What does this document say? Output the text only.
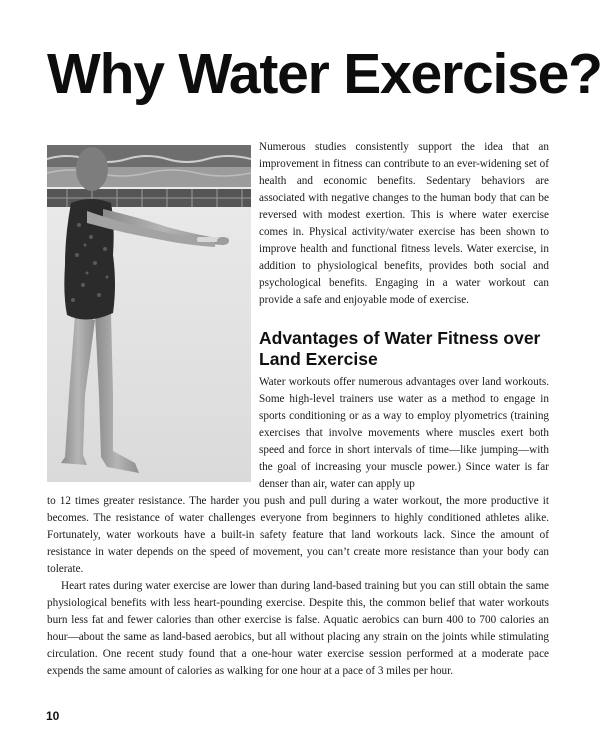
Why Water Exercise?

Numerous studies consistently support the idea that an improvement in fitness can contribute to an ever-widening set of health and economic benefits. Sedentary behaviors are associated with negative changes to the human body that can be reversed with modest exertion. This is where water exercise comes in. Physical activity/water exercise has been shown to improve health and functional fitness levels. Water exercise, in addition to physiological benefits, provides both social and psychological benefits. Engaging in a water workout can provide a safe and enjoyable mode of exercise.

Advantages of Water Fitness over
Land Exercise

Water workouts offer numerous advantages over land workouts. Some high-level trainers use water as a method to engage in sports conditioning or as a way to employ plyometrics (training exercises that involve movements where muscles exert both speed and force in short intervals of time—like jumping—with the goal of increasing your muscle power.) Since water is far denser than air, water can apply up

to 12 times greater resistance. The harder you push and pull during a water workout, the more productive it becomes. The resistance of water challenges everyone from beginners to highly conditioned athletes alike. Fortunately, water workouts have a built-in safety feature that land workouts lack. Since the amount of resistance in water depends on the speed of movement, you can’t create more resistance than your body can tolerate.

Heart rates during water exercise are lower than during land-based training but you can still obtain the same physiological benefits with less heart-pounding exercise. Despite this, the common belief that water workouts burn less fat and fewer calories than other exercise is false. Aquatic aerobics can burn 400 to 700 calories an hour—about the same as land-based aerobics, but all without placing any strain on the joints while stimulating circulation. One recent study found that a one-hour water exercise session performed at a moderate pace expends the same amount of calories as walking for one hour at a pace of 3 miles per hour.

10
